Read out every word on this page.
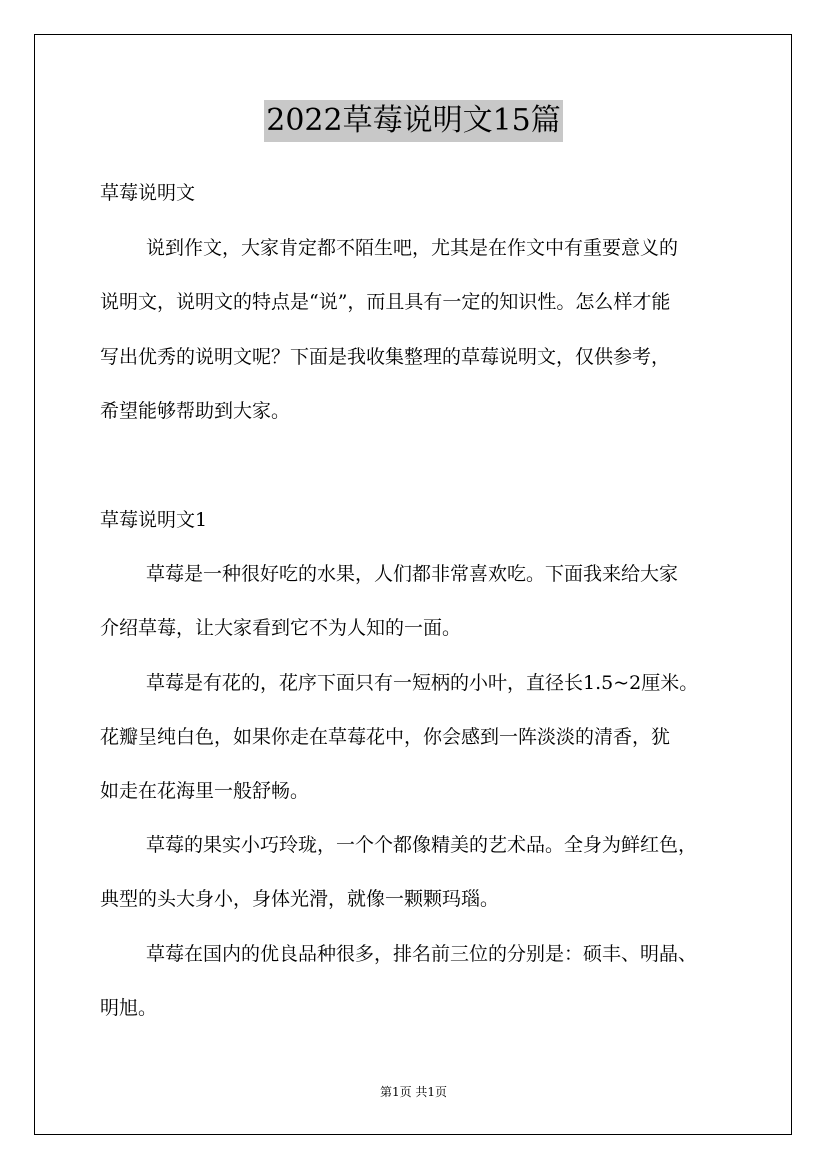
2022草莓说明文15篇
草莓说明文
说到作文，大家肯定都不陌生吧，尤其是在作文中有重要意义的
说明文，说明文的特点是“说”，而且具有一定的知识性。怎么样才能
写出优秀的说明文呢？下面是我收集整理的草莓说明文，仅供参考，
希望能够帮助到大家。
草莓说明文1
草莓是一种很好吃的水果，人们都非常喜欢吃。下面我来给大家
介绍草莓，让大家看到它不为人知的一面。
草莓是有花的，花序下面只有一短柄的小叶，直径长1.5~2厘米。
花瓣呈纯白色，如果你走在草莓花中，你会感到一阵淡淡的清香，犹
如走在花海里一般舒畅。
草莓的果实小巧玲珑，一个个都像精美的艺术品。全身为鲜红色，
典型的头大身小，身体光滑，就像一颗颗玛瑙。
草莓在国内的优良品种很多，排名前三位的分别是：硕丰、明晶、
明旭。
第1页 共1页
